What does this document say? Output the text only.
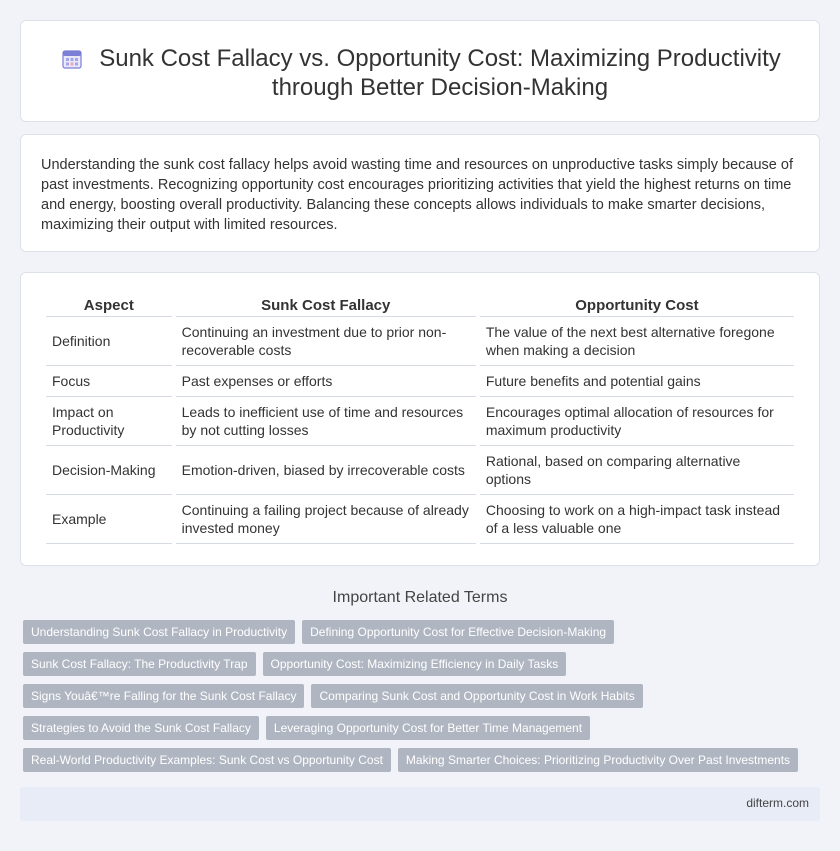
Sunk Cost Fallacy vs. Opportunity Cost: Maximizing Productivity through Better Decision-Making

Understanding the sunk cost fallacy helps avoid wasting time and resources on unproductive tasks simply because of past investments. Recognizing opportunity cost encourages prioritizing activities that yield the highest returns on time and energy, boosting overall productivity. Balancing these concepts allows individuals to make smarter decisions, maximizing their output with limited resources.

Aspect	Sunk Cost Fallacy	Opportunity Cost
Definition	Continuing an investment due to prior non-recoverable costs	The value of the next best alternative foregone when making a decision
Focus	Past expenses or efforts	Future benefits and potential gains
Impact on Productivity	Leads to inefficient use of time and resources by not cutting losses	Encourages optimal allocation of resources for maximum productivity
Decision-Making	Emotion-driven, biased by irrecoverable costs	Rational, based on comparing alternative options
Example	Continuing a failing project because of already invested money	Choosing to work on a high-impact task instead of a less valuable one
Important Related Terms
Understanding Sunk Cost Fallacy in Productivity	Defining Opportunity Cost for Effective Decision-Making
Sunk Cost Fallacy: The Productivity Trap	Opportunity Cost: Maximizing Efficiency in Daily Tasks
Signs Youâ€™re Falling for the Sunk Cost Fallacy	Comparing Sunk Cost and Opportunity Cost in Work Habits
Strategies to Avoid the Sunk Cost Fallacy	Leveraging Opportunity Cost for Better Time Management
Real-World Productivity Examples: Sunk Cost vs Opportunity Cost	Making Smarter Choices: Prioritizing Productivity Over Past Investments
difterm.com
